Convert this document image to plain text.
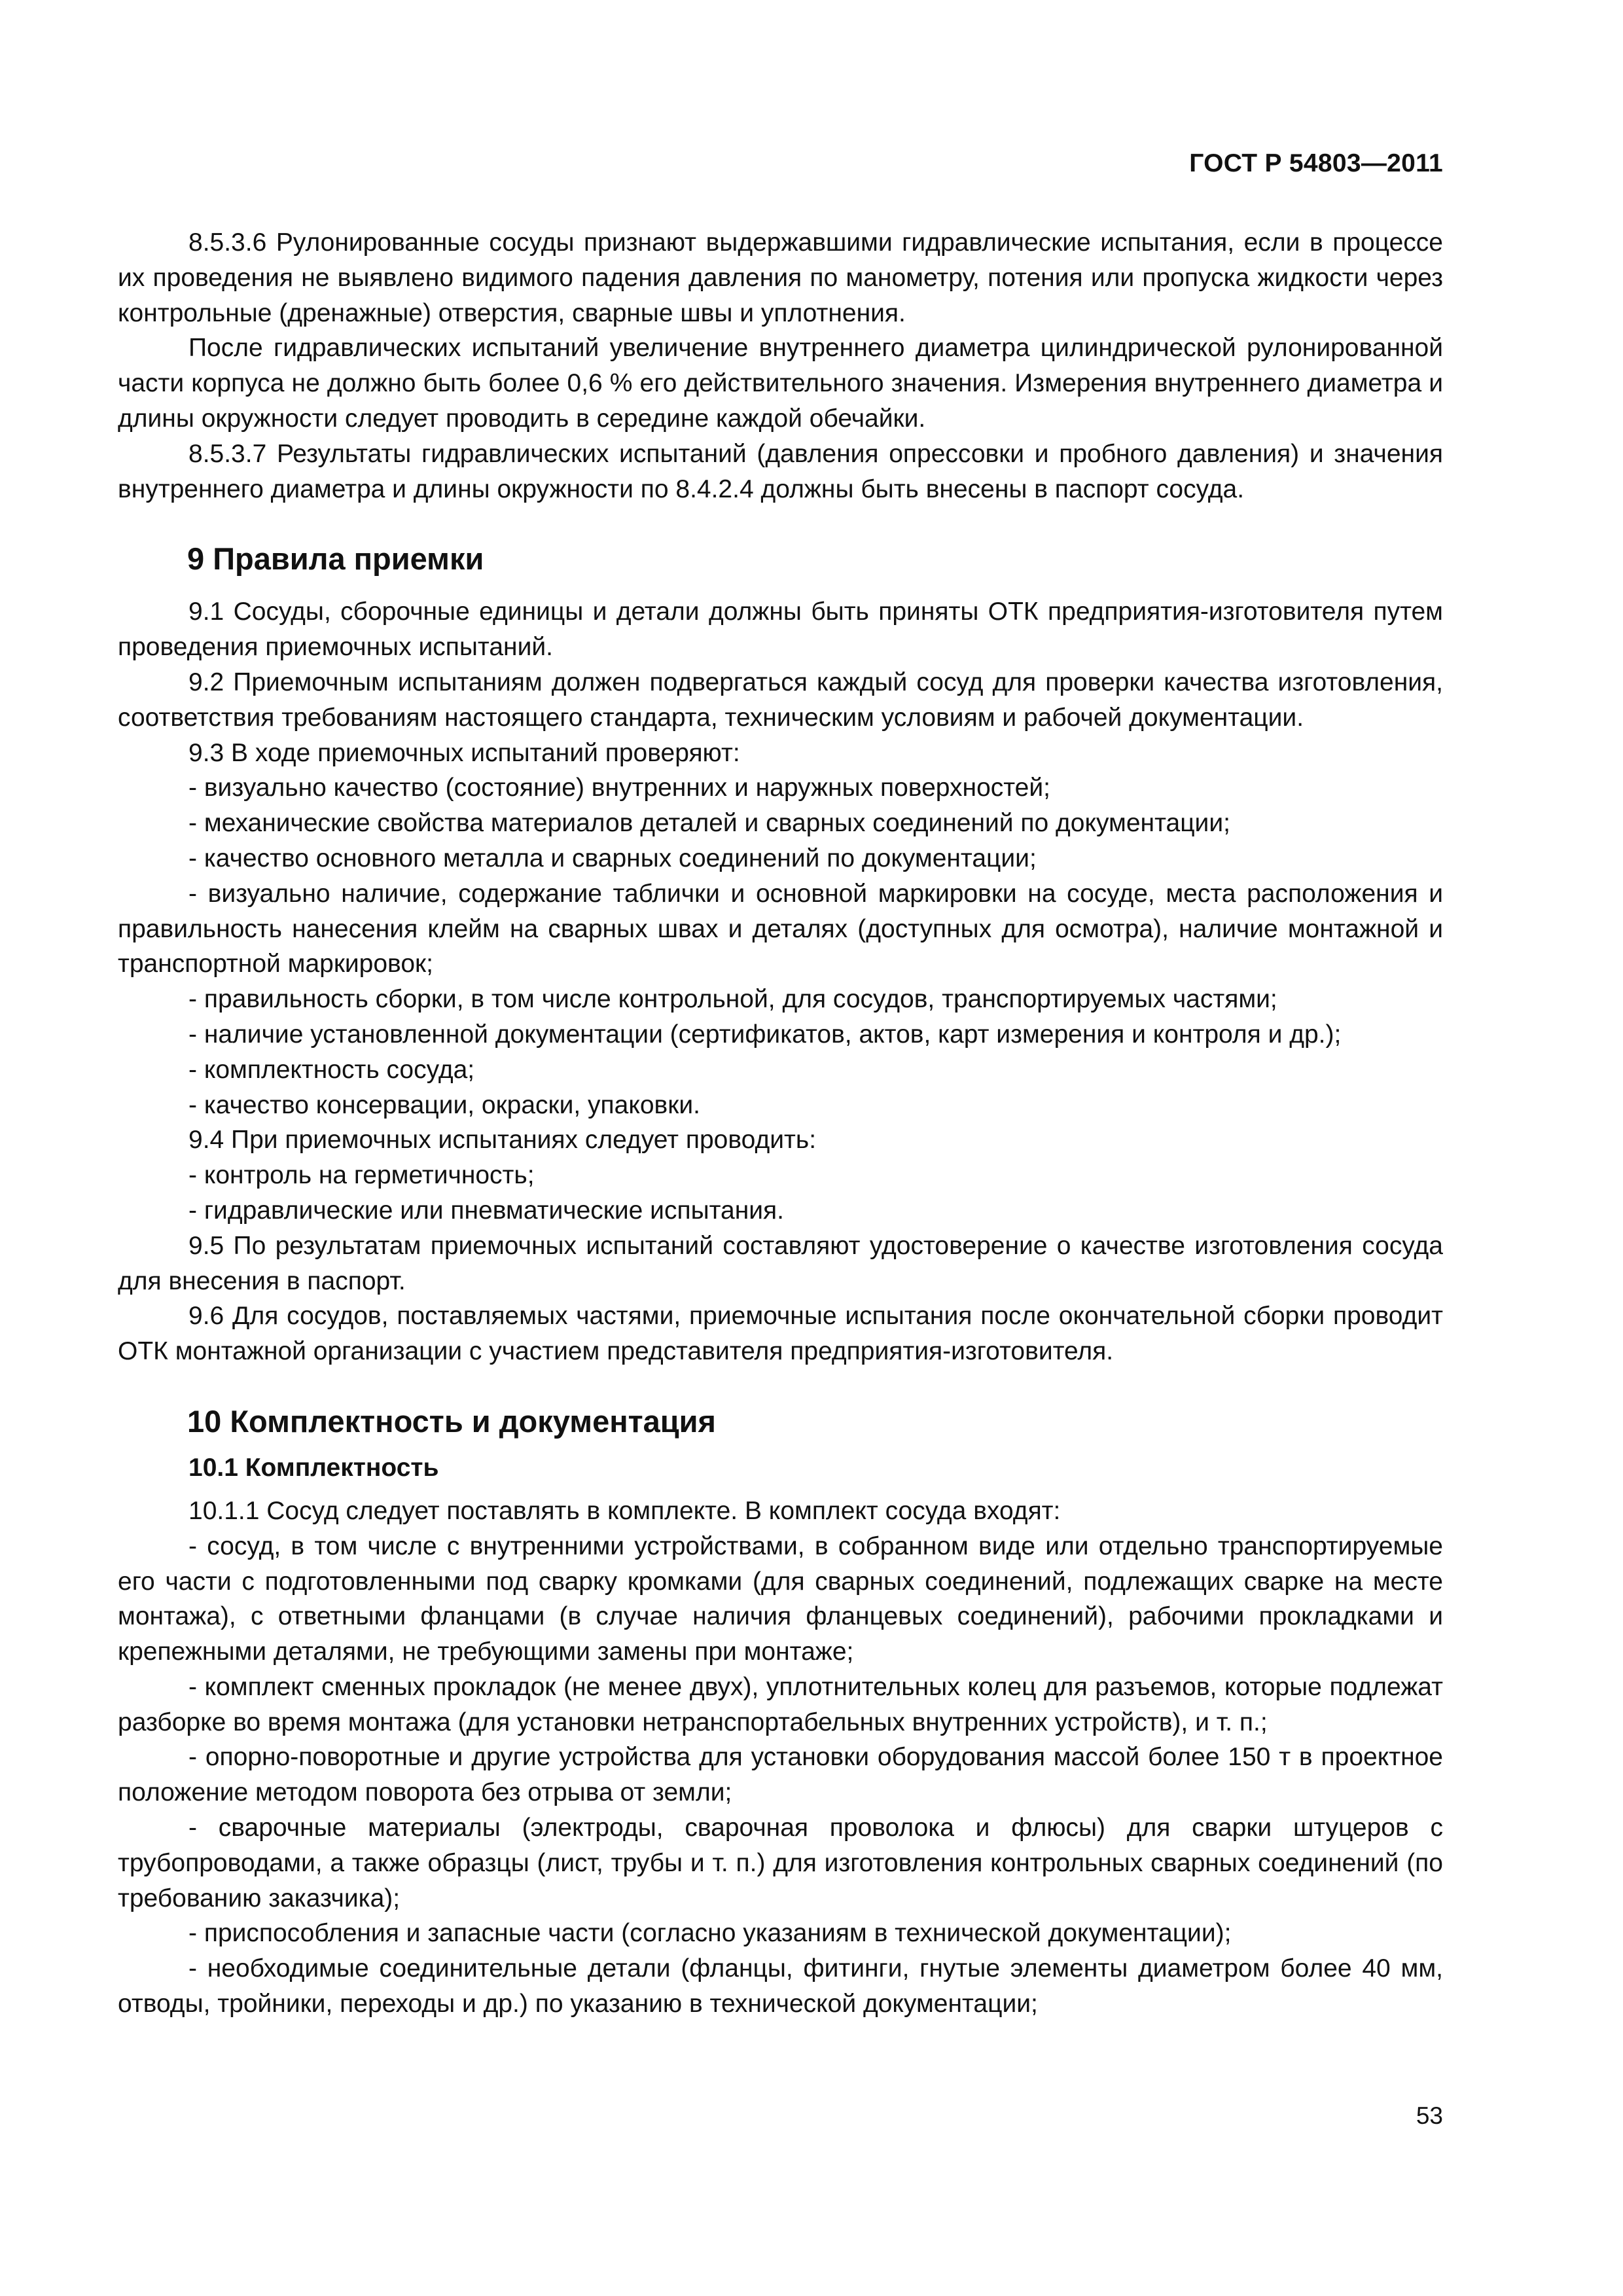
ГОСТ Р 54803—2011

8.5.3.6 Рулонированные сосуды признают выдержавшими гидравлические испытания, если в процессе их проведения не выявлено видимого падения давления по манометру, потения или пропуска жидкости через контрольные (дренажные) отверстия, сварные швы и уплотнения.

После гидравлических испытаний увеличение внутреннего диаметра цилиндрической рулонированной части корпуса не должно быть более 0,6 % его действительного значения. Измерения внутреннего диаметра и длины окружности следует проводить в середине каждой обечайки.

8.5.3.7 Результаты гидравлических испытаний (давления опрессовки и пробного давления) и значения внутреннего диаметра и длины окружности по 8.4.2.4 должны быть внесены в паспорт сосуда.

9 Правила приемки

9.1 Сосуды, сборочные единицы и детали должны быть приняты ОТК предприятия-изготовителя путем проведения приемочных испытаний.

9.2 Приемочным испытаниям должен подвергаться каждый сосуд для проверки качества изготовления, соответствия требованиям настоящего стандарта, техническим условиям и рабочей документации.

9.3 В ходе приемочных испытаний проверяют:

- визуально качество (состояние) внутренних и наружных поверхностей;

- механические свойства материалов деталей и сварных соединений по документации;

- качество основного металла и сварных соединений по документации;

- визуально наличие, содержание таблички и основной маркировки на сосуде, места расположения и правильность нанесения клейм на сварных швах и деталях (доступных для осмотра), наличие монтажной и транспортной маркировок;

- правильность сборки, в том числе контрольной, для сосудов, транспортируемых частями;

- наличие установленной документации (сертификатов, актов, карт измерения и контроля и др.);

- комплектность сосуда;

- качество консервации, окраски, упаковки.

9.4 При приемочных испытаниях следует проводить:

- контроль на герметичность;

- гидравлические или пневматические испытания.

9.5 По результатам приемочных испытаний составляют удостоверение о качестве изготовления сосуда для внесения в паспорт.

9.6 Для сосудов, поставляемых частями, приемочные испытания после окончательной сборки проводит ОТК монтажной организации с участием представителя предприятия-изготовителя.

10 Комплектность и документация
10.1 Комплектность

10.1.1 Сосуд следует поставлять в комплекте. В комплект сосуда входят:

- сосуд, в том числе с внутренними устройствами, в собранном виде или отдельно транспортируемые его части с подготовленными под сварку кромками (для сварных соединений, подлежащих сварке на месте монтажа), с ответными фланцами (в случае наличия фланцевых соединений), рабочими прокладками и крепежными деталями, не требующими замены при монтаже;

- комплект сменных прокладок (не менее двух), уплотнительных колец для разъемов, которые подлежат разборке во время монтажа (для установки нетранспортабельных внутренних устройств), и т. п.;

- опорно-поворотные и другие устройства для установки оборудования массой более 150 т в проектное положение методом поворота без отрыва от земли;

- сварочные материалы (электроды, сварочная проволока и флюсы) для сварки штуцеров с трубопроводами, а также образцы (лист, трубы и т. п.) для изготовления контрольных сварных соединений (по требованию заказчика);

- приспособления и запасные части (согласно указаниям в технической документации);

- необходимые соединительные детали (фланцы, фитинги, гнутые элементы диаметром более 40 мм, отводы, тройники, переходы и др.) по указанию в технической документации;

53
